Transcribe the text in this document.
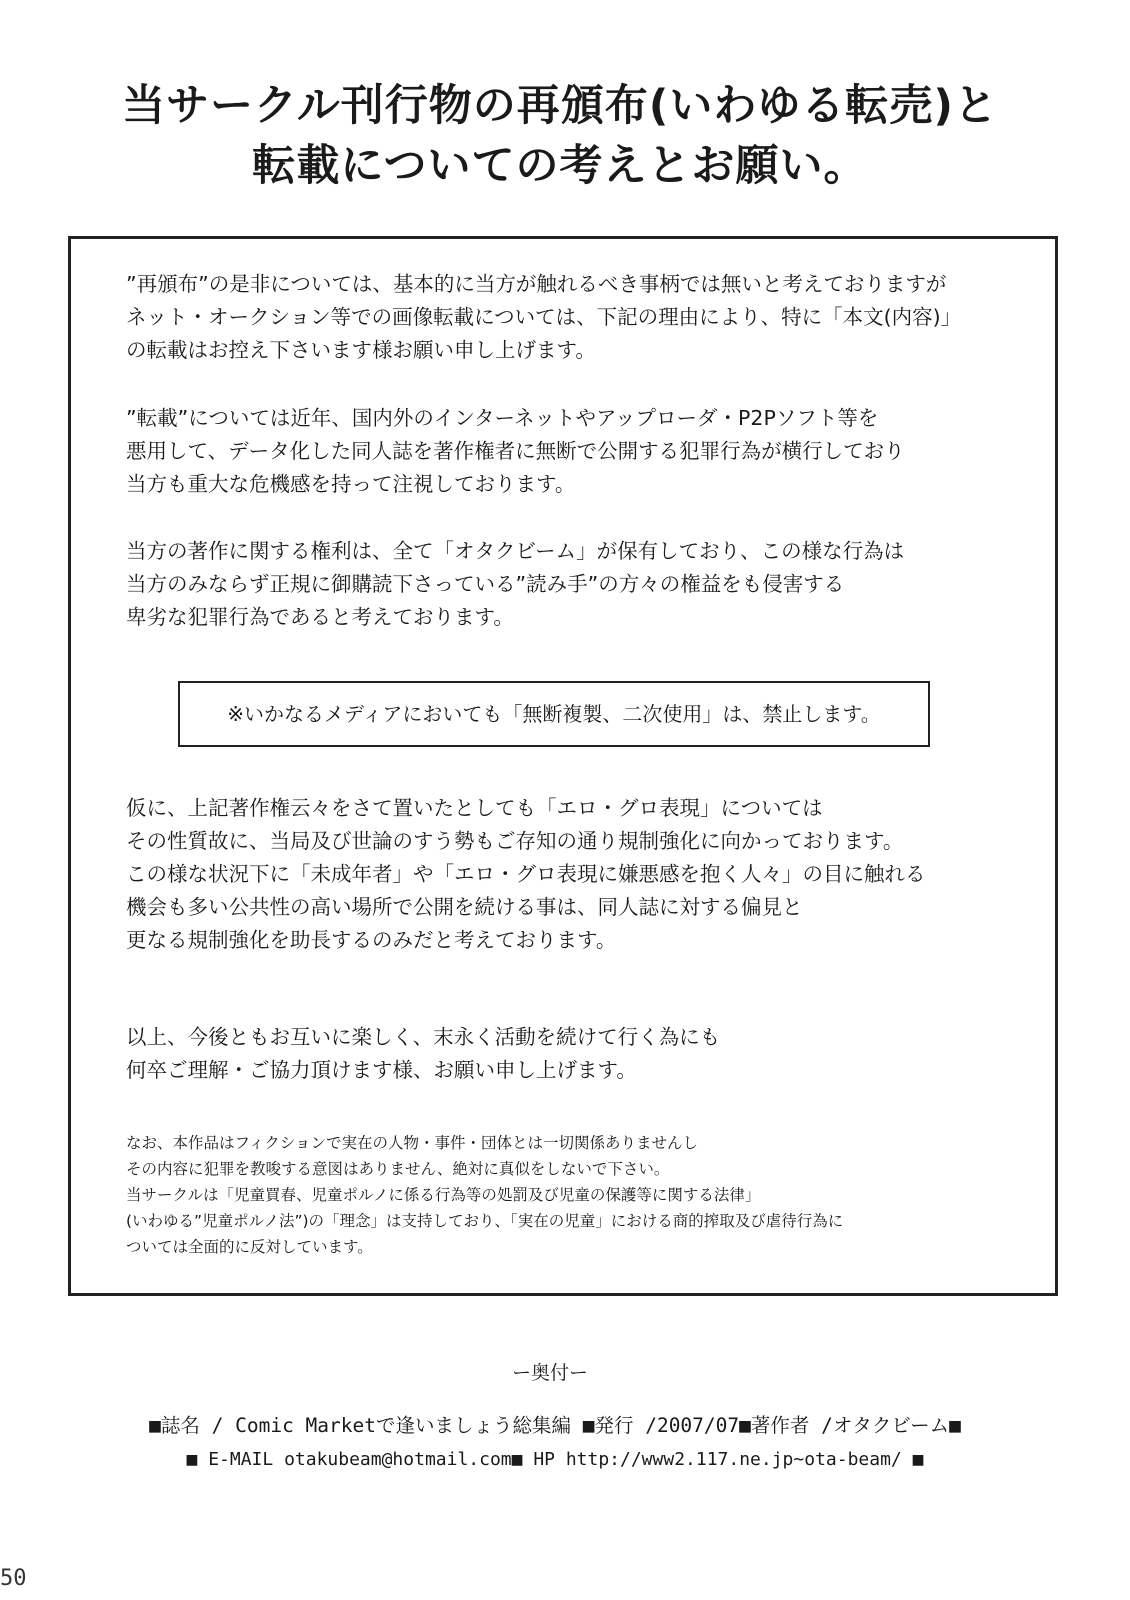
当サークル刊行物の再頒布(いわゆる転売)と
転載についての考えとお願い。

”再頒布”の是非については、基本的に当方が触れるべき事柄では無いと考えておりますが
ネット・オークション等での画像転載については、下記の理由により、特に「本文(内容)」
の転載はお控え下さいます様お願い申し上げます。

”転載”については近年、国内外のインターネットやアップローダ・P2Pソフト等を
悪用して、データ化した同人誌を著作権者に無断で公開する犯罪行為が横行しており
当方も重大な危機感を持って注視しております。

当方の著作に関する権利は、全て「オタクビーム」が保有しており、この様な行為は
当方のみならず正規に御購読下さっている”読み手”の方々の権益をも侵害する
卑劣な犯罪行為であると考えております。

※いかなるメディアにおいても「無断複製、二次使用」は、禁止します。

仮に、上記著作権云々をさて置いたとしても「エロ・グロ表現」については
その性質故に、当局及び世論のすう勢もご存知の通り規制強化に向かっております。
この様な状況下に「未成年者」や「エロ・グロ表現に嫌悪感を抱く人々」の目に触れる
機会も多い公共性の高い場所で公開を続ける事は、同人誌に対する偏見と
更なる規制強化を助長するのみだと考えております。

以上、今後ともお互いに楽しく、末永く活動を続けて行く為にも
何卒ご理解・ご協力頂けます様、お願い申し上げます。

なお、本作品はフィクションで実在の人物・事件・団体とは一切関係ありませんし
その内容に犯罪を教唆する意図はありません、絶対に真似をしないで下さい。
当サークルは「児童買春、児童ポルノに係る行為等の処罰及び児童の保護等に関する法律」
(いわゆる”児童ポルノ法”)の「理念」は支持しており、「実在の児童」における商的搾取及び虐待行為に
ついては全面的に反対しています。

ー奥付ー
■誌名 / Comic Marketで逢いましょう総集編 ■発行 /2007/07■著作者 /オタクビーム■
■ E-MAIL otakubeam@hotmail.com■ HP http://www2.117.ne.jp~ota-beam/ ■
50
